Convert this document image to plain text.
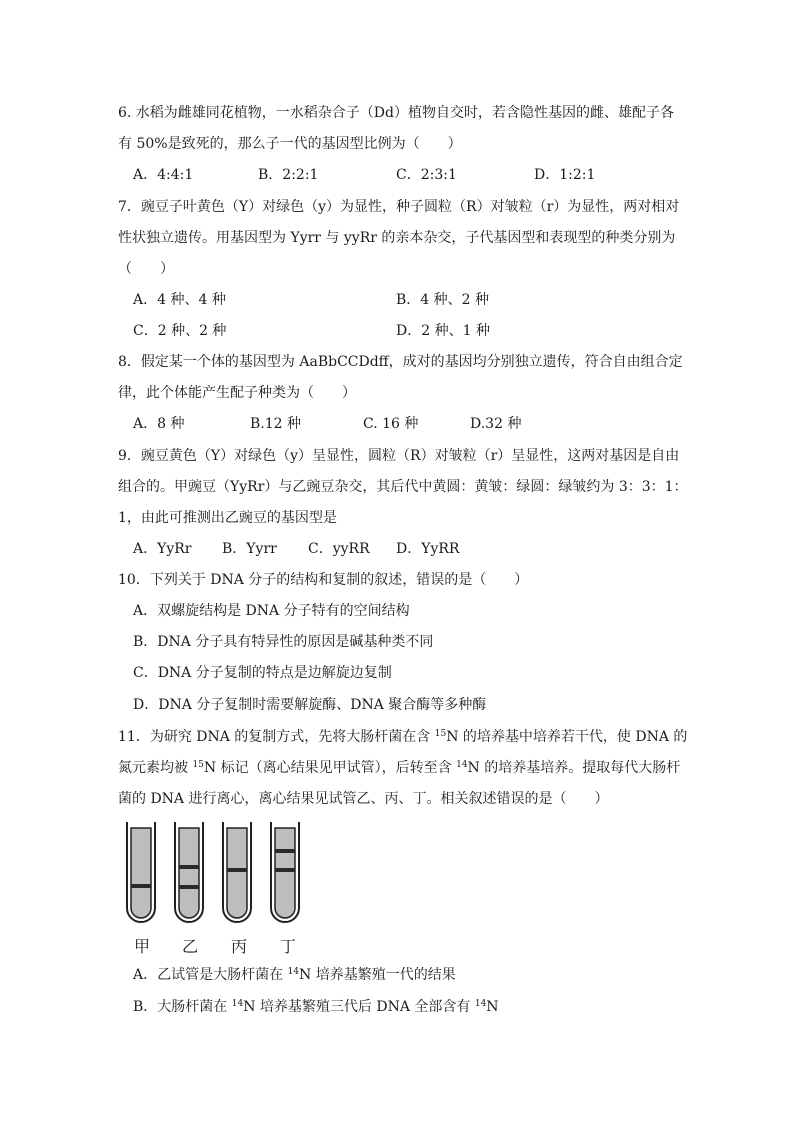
6. 水稻为雌雄同花植物，一水稻杂合子（Dd）植物自交时，若含隐性基因的雌、雄配子各
有 50%是致死的，那么子一代的基因型比例为（　　）
A．4:4:1	B．2:2:1	C．2:3:1	D．1:2:1
7．豌豆子叶黄色（Y）对绿色（y）为显性，种子圆粒（R）对皱粒（r）为显性，两对相对
性状独立遗传。用基因型为 Yyrr 与 yyRr 的亲本杂交，子代基因型和表现型的种类分别为
（　　）
A．4 种、4 种	B．4 种、2 种
C．2 种、2 种	D．2 种、1 种
8．假定某一个体的基因型为 AaBbCCDdff，成对的基因均分别独立遗传，符合自由组合定
律，此个体能产生配子种类为（　　）
A．8 种	B.12 种	C. 16 种	D.32 种
9．豌豆黄色（Y）对绿色（y）呈显性，圆粒（R）对皱粒（r）呈显性，这两对基因是自由
组合的。甲豌豆（YyRr）与乙豌豆杂交，其后代中黄圆：黄皱：绿圆：绿皱约为 3：3：1：
1，由此可推测出乙豌豆的基因型是
A．YyRr B．Yyrr C．yyRR D．YyRR
10．下列关于 DNA 分子的结构和复制的叙述，错误的是（　　）
A．双螺旋结构是 DNA 分子特有的空间结构
B．DNA 分子具有特异性的原因是碱基种类不同
C．DNA 分子复制的特点是边解旋边复制
D．DNA 分子复制时需要解旋酶、DNA 聚合酶等多种酶
11．为研究 DNA 的复制方式，先将大肠杆菌在含 $^{15}$N 的培养基中培养若干代，使 DNA 的
氮元素均被 $^{15}$N 标记（离心结果见甲试管），后转至含 $^{14}$N 的培养基培养。提取每代大肠杆
菌的 DNA 进行离心，离心结果见试管乙、丙、丁。相关叙述错误的是（　　）
甲 乙 丙 丁
A．乙试管是大肠杆菌在 $^{14}$N 培养基繁殖一代的结果
B．大肠杆菌在 $^{14}$N 培养基繁殖三代后 DNA 全部含有 $^{14}$N
